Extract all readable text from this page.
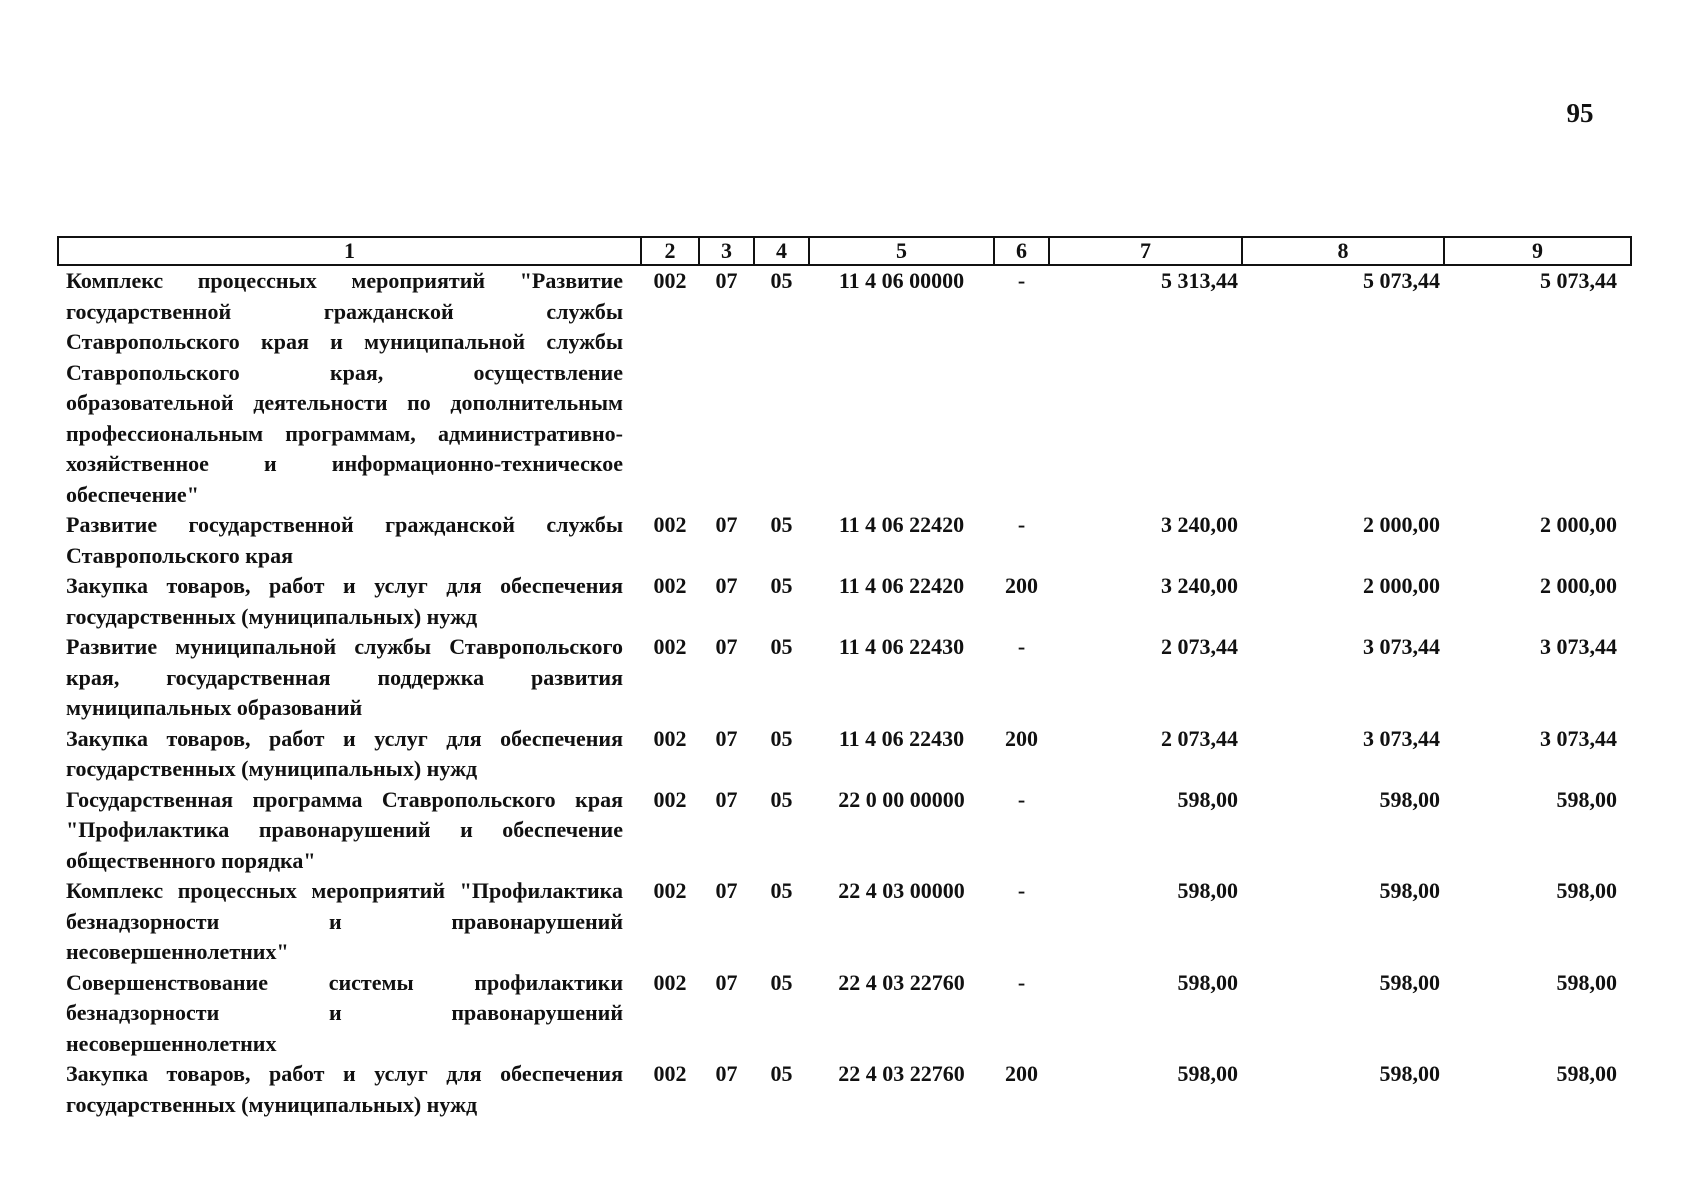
95
1	2	3	4	5	6	7	8	9
Комплекс процессных мероприятий "Развитие государственной гражданской службы Ставропольского края и муниципальной службы Ставропольского края, осуществление образовательной деятельности по дополнительным профессиональным программам, административно-хозяйственное и информационно-техническое обеспечение"	002	07	05	11 4 06 00000	-	5 313,44	5 073,44	5 073,44
Развитие государственной гражданской службы Ставропольского края	002	07	05	11 4 06 22420	-	3 240,00	2 000,00	2 000,00
Закупка товаров, работ и услуг для обеспечения государственных (муниципальных) нужд	002	07	05	11 4 06 22420	200	3 240,00	2 000,00	2 000,00
Развитие муниципальной службы Ставропольского края, государственная поддержка развития муниципальных образований	002	07	05	11 4 06 22430	-	2 073,44	3 073,44	3 073,44
Закупка товаров, работ и услуг для обеспечения государственных (муниципальных) нужд	002	07	05	11 4 06 22430	200	2 073,44	3 073,44	3 073,44
Государственная программа Ставропольского края "Профилактика правонарушений и обеспечение общественного порядка"	002	07	05	22 0 00 00000	-	598,00	598,00	598,00
Комплекс процессных мероприятий "Профилактика безнадзорности и правонарушений несовершеннолетних"	002	07	05	22 4 03 00000	-	598,00	598,00	598,00
Совершенствование системы профилактики безнадзорности и правонарушений несовершеннолетних	002	07	05	22 4 03 22760	-	598,00	598,00	598,00
Закупка товаров, работ и услуг для обеспечения государственных (муниципальных) нужд	002	07	05	22 4 03 22760	200	598,00	598,00	598,00
